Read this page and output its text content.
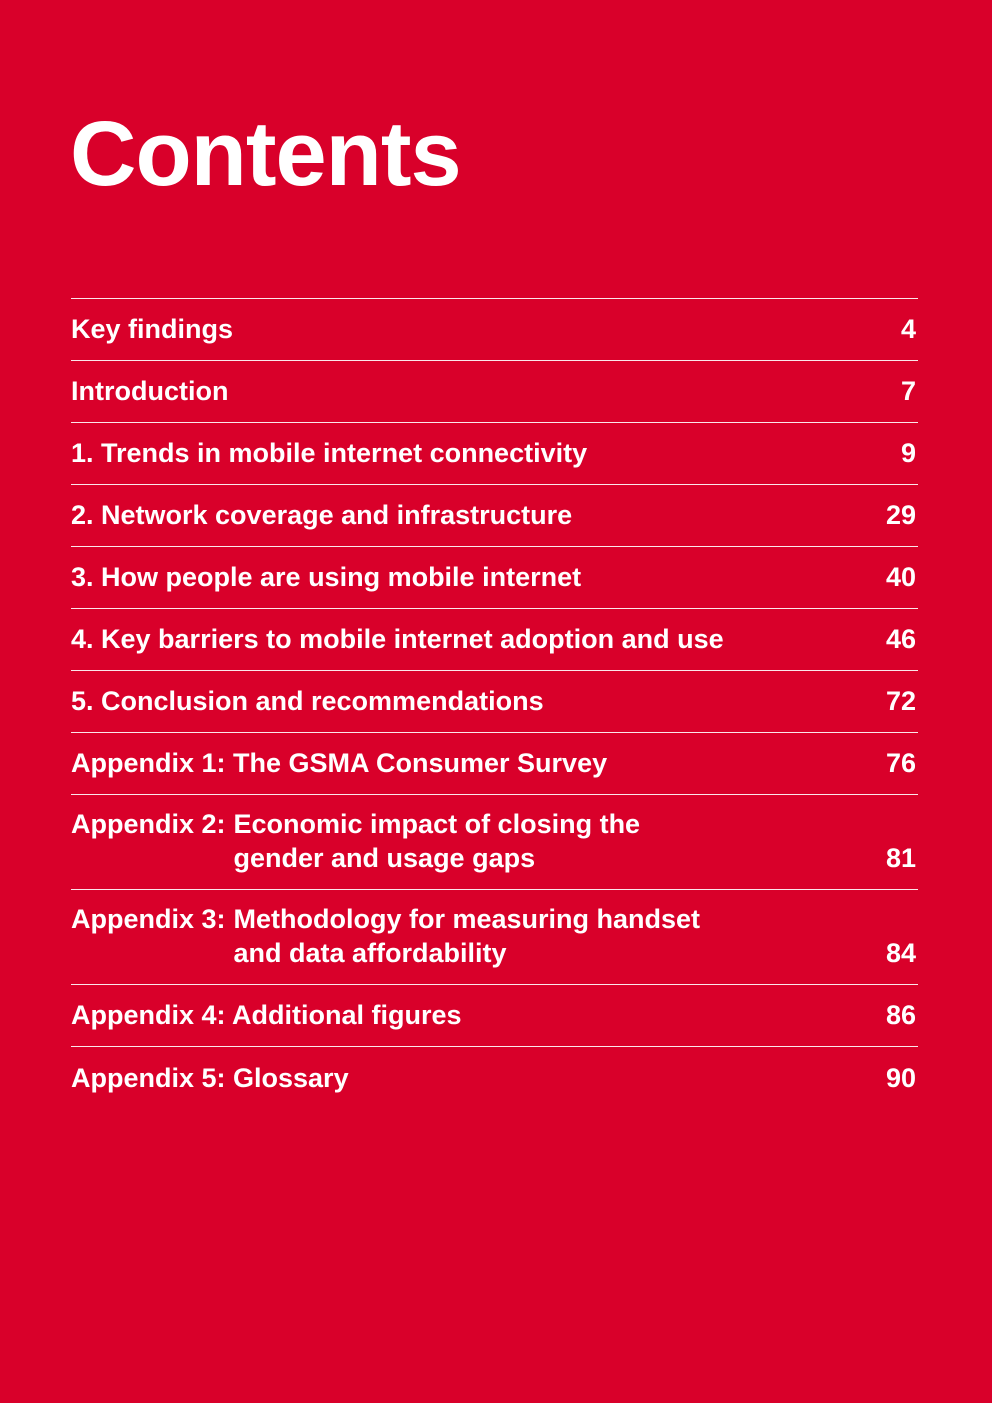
Contents
Key findings	4
Introduction	7
1. Trends in mobile internet connectivity	9
2. Network coverage and infrastructure	29
3. How people are using mobile internet	40
4. Key barriers to mobile internet adoption and use	46
5. Conclusion and recommendations	72
Appendix 1: The GSMA Consumer Survey	76
Appendix 2: Economic impact of closing the
gender and usage gaps	81
Appendix 3: Methodology for measuring handset
and data affordability	84
Appendix 4: Additional figures	86
Appendix 5: Glossary	90
